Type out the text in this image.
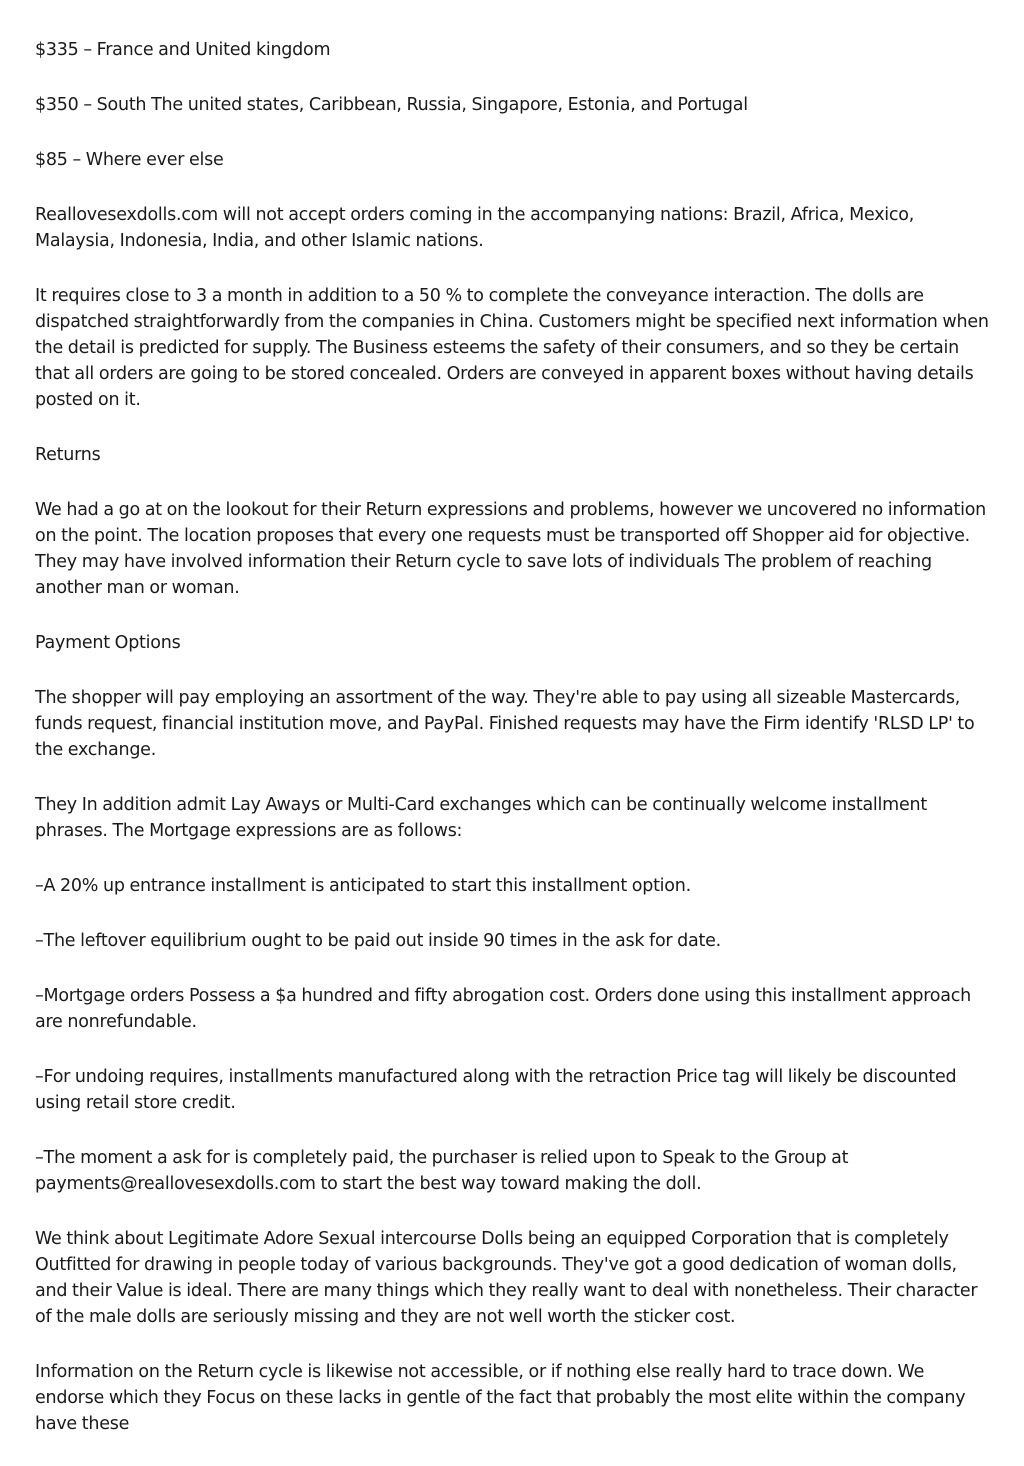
$335 – France and United kingdom

$350 – South The united states, Caribbean, Russia, Singapore, Estonia, and Portugal

$85 – Where ever else

Reallovesexdolls.com will not accept orders coming in the accompanying nations: Brazil, Africa, Mexico, Malaysia, Indonesia, India, and other Islamic nations.

It requires close to 3 a month in addition to a 50 % to complete the conveyance interaction. The dolls are dispatched straightforwardly from the companies in China. Customers might be specified next information when the detail is predicted for supply. The Business esteems the safety of their consumers, and so they be certain that all orders are going to be stored concealed. Orders are conveyed in apparent boxes without having details posted on it.

Returns

We had a go at on the lookout for their Return expressions and problems, however we uncovered no information on the point. The location proposes that every one requests must be transported off Shopper aid for objective. They may have involved information their Return cycle to save lots of individuals The problem of reaching another man or woman.

Payment Options

The shopper will pay employing an assortment of the way. They're able to pay using all sizeable Mastercards, funds request, financial institution move, and PayPal. Finished requests may have the Firm identify 'RLSD LP' to the exchange.

They In addition admit Lay Aways or Multi-Card exchanges which can be continually welcome installment phrases. The Mortgage expressions are as follows:

–A 20% up entrance installment is anticipated to start this installment option.

–The leftover equilibrium ought to be paid out inside 90 times in the ask for date.

–Mortgage orders Possess a $a hundred and fifty abrogation cost. Orders done using this installment approach are nonrefundable.

–For undoing requires, installments manufactured along with the retraction Price tag will likely be discounted using retail store credit.

–The moment a ask for is completely paid, the purchaser is relied upon to Speak to the Group at payments@reallovesexdolls.com to start the best way toward making the doll.

We think about Legitimate Adore Sexual intercourse Dolls being an equipped Corporation that is completely Outfitted for drawing in people today of various backgrounds. They've got a good dedication of woman dolls, and their Value is ideal. There are many things which they really want to deal with nonetheless. Their character of the male dolls are seriously missing and they are not well worth the sticker cost.

Information on the Return cycle is likewise not accessible, or if nothing else really hard to trace down. We endorse which they Focus on these lacks in gentle of the fact that probably the most elite within the company have these
